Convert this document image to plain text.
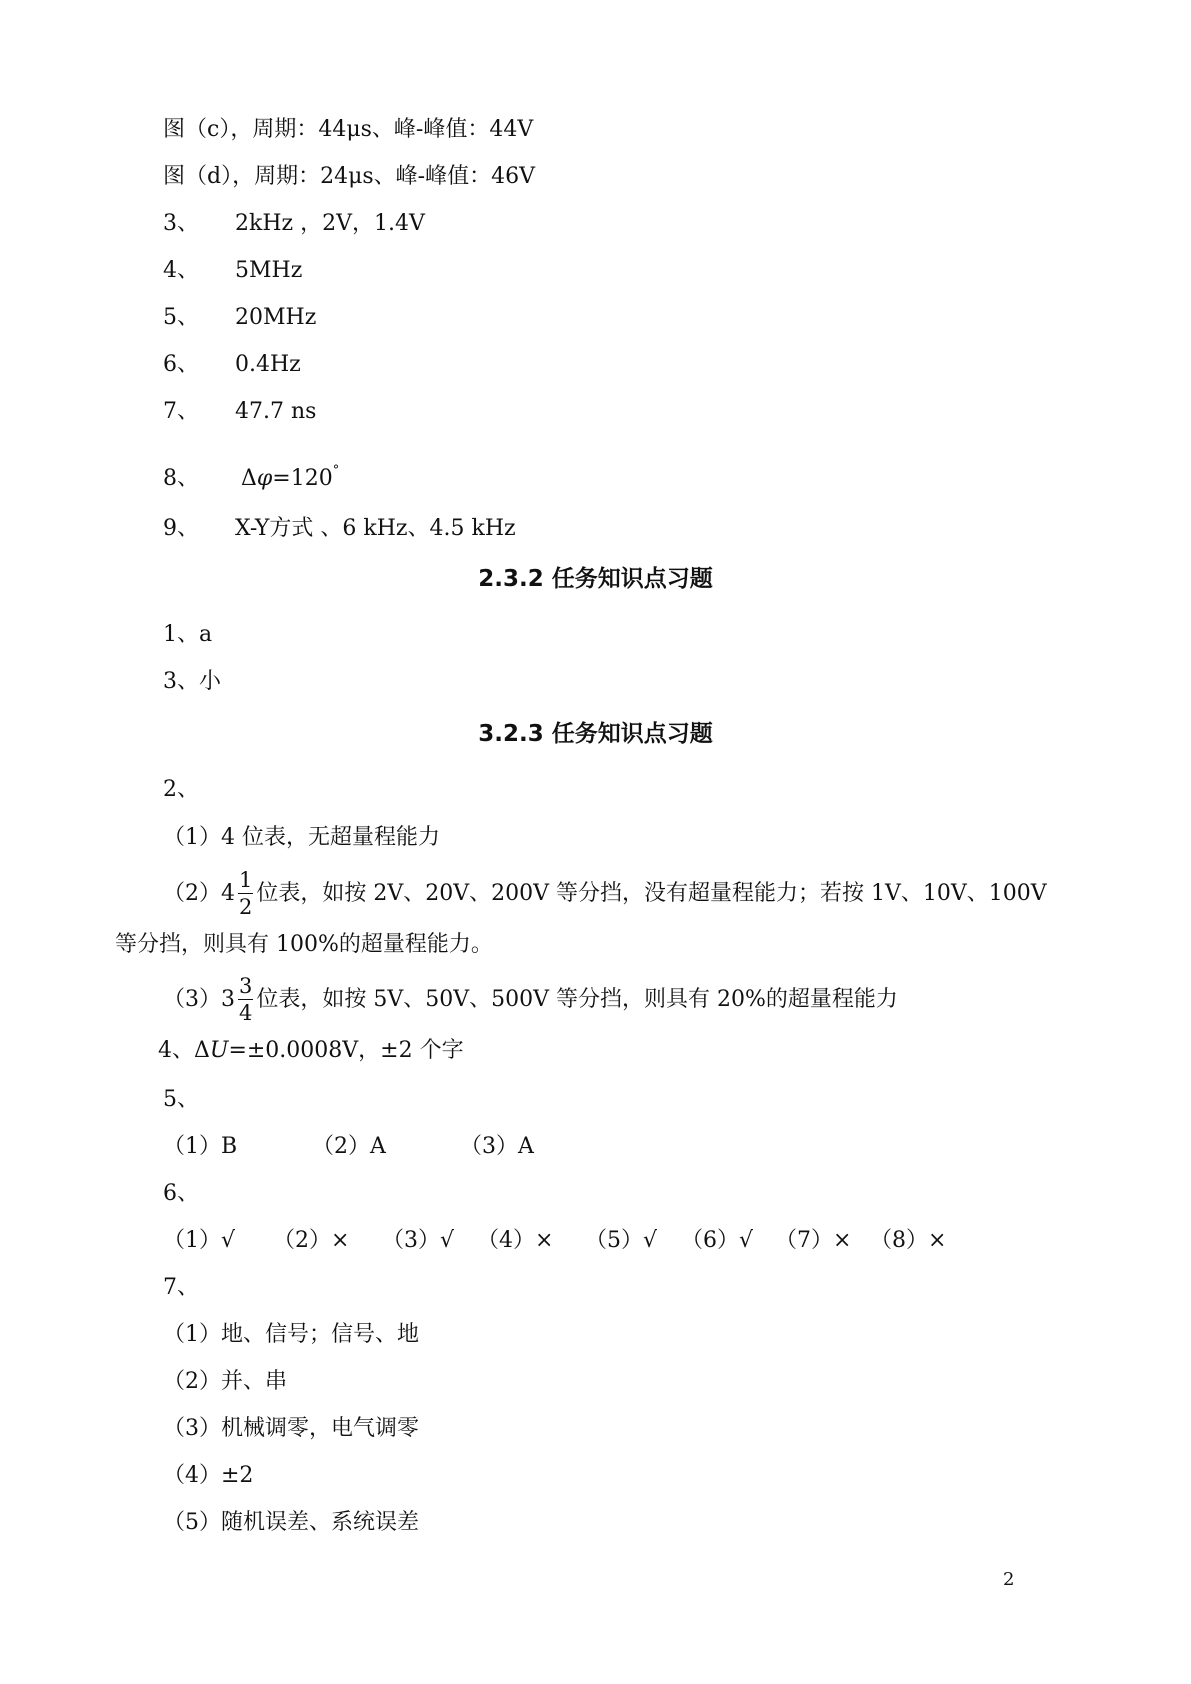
图（c），周期：44μs、峰-峰值：44V
图（d），周期：24μs、峰-峰值：46V
3、 2kHz ，2V，1.4V
4、 5MHz
5、 20MHz
6、 0.4Hz
7、 47.7 ns
8、 Δφ=120°
9、 X-Y方式 、6 kHz、4.5 kHz
2.3.2 任务知识点习题
1、a
3、小
3.2.3 任务知识点习题
2、
（1）4 位表，无超量程能力
$(2)4 \frac{1}{2}$ 位表，如按 2V、20V、200V 等分挡，没有超量程能力；若按 1V、10V、100V
等分挡，则具有 100%的超量程能力。
$(3)3 \frac{3}{4}$ 位表，如按 5V、50V、500V 等分挡，则具有 20%的超量程能力
4、ΔU=±0.0008V，±2 个字
5、
（1）B	（2）A	（3）A
6、
（1）√ （2）× （3）√ （4）× （5）√ （6）√ （7）× （8）×
7、
（1）地、信号；信号、地
（2）并、串
（3）机械调零，电气调零
（4）±2
（5）随机误差、系统误差
2
